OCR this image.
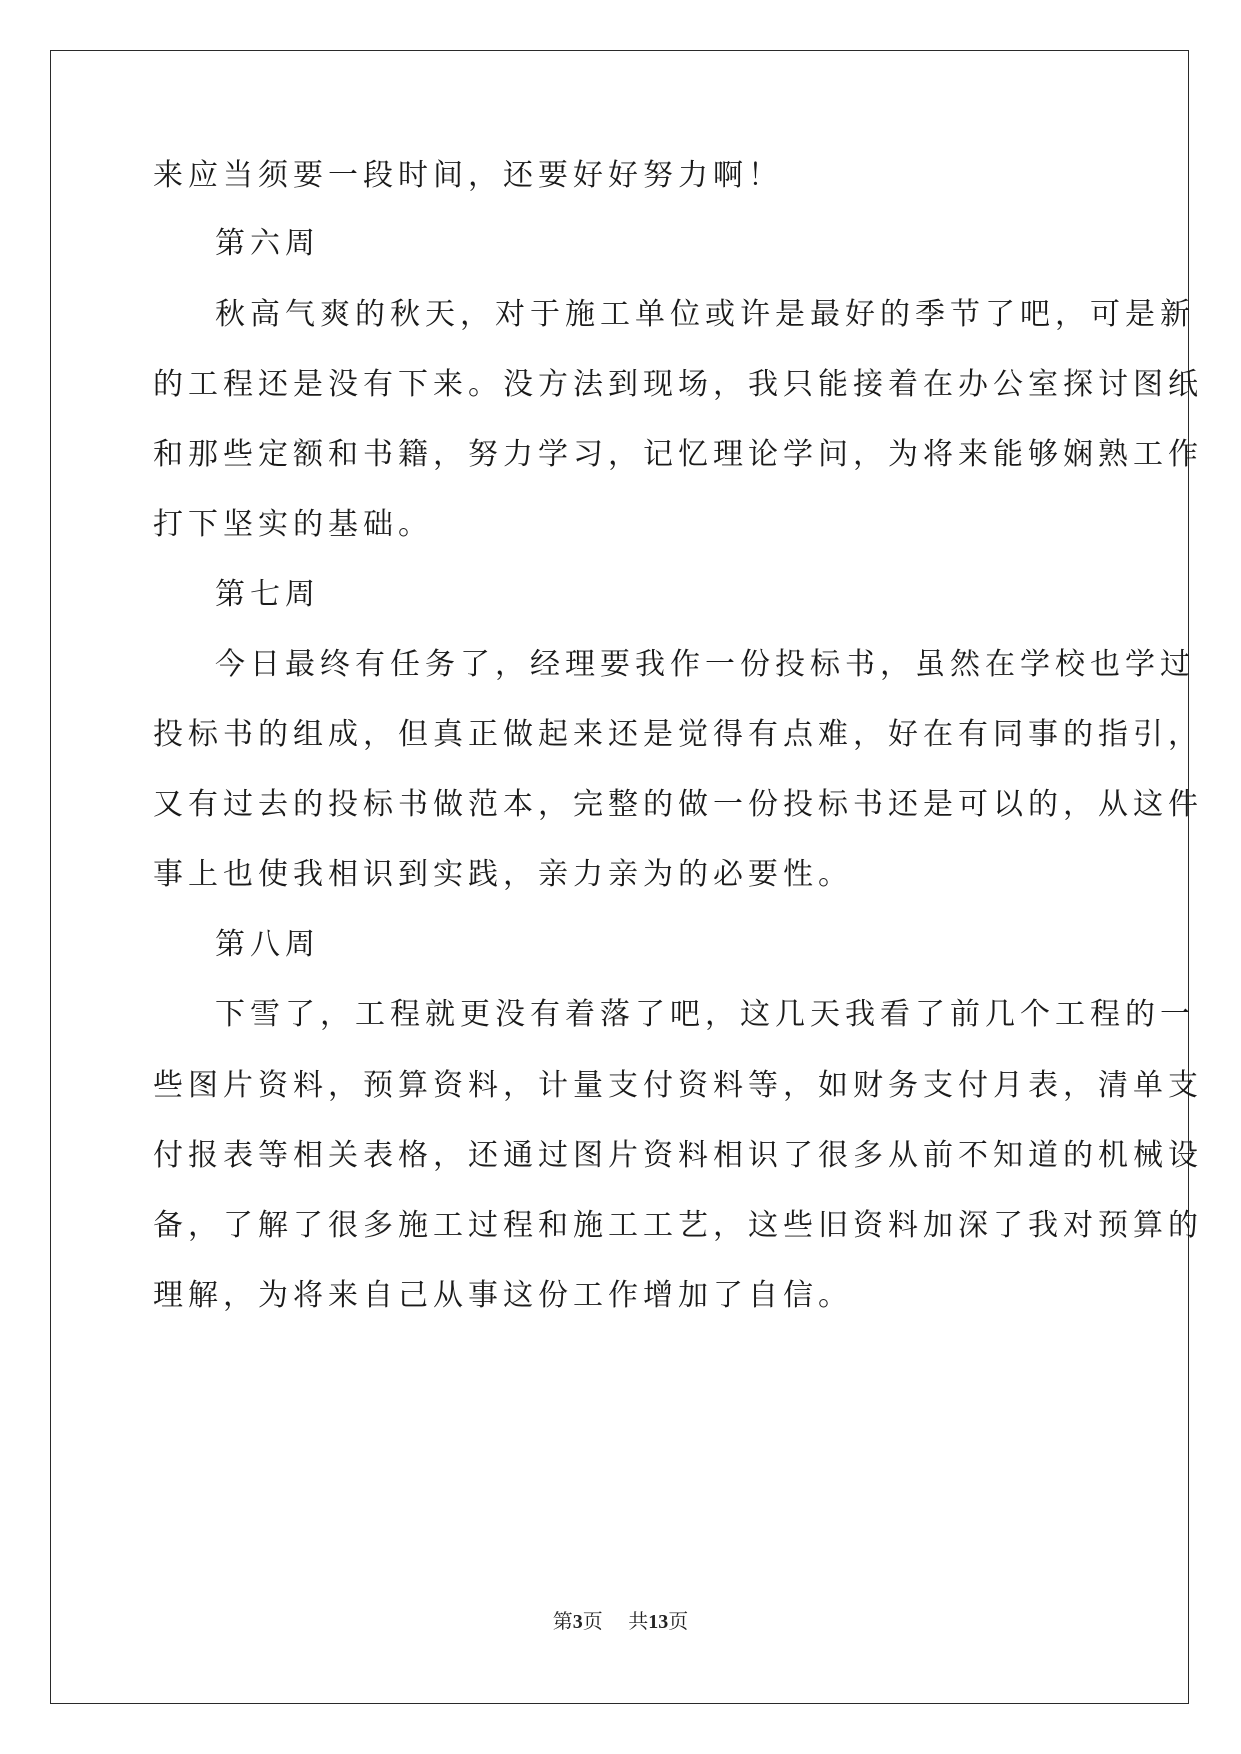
来应当须要一段时间，还要好好努力啊！
第六周
秋高气爽的秋天，对于施工单位或许是最好的季节了吧，可是新
的工程还是没有下来。没方法到现场，我只能接着在办公室探讨图纸
和那些定额和书籍，努力学习，记忆理论学问，为将来能够娴熟工作
打下坚实的基础。
第七周
今日最终有任务了，经理要我作一份投标书，虽然在学校也学过
投标书的组成，但真正做起来还是觉得有点难，好在有同事的指引，
又有过去的投标书做范本，完整的做一份投标书还是可以的，从这件
事上也使我相识到实践，亲力亲为的必要性。
第八周
下雪了，工程就更没有着落了吧，这几天我看了前几个工程的一
些图片资料，预算资料，计量支付资料等，如财务支付月表，清单支
付报表等相关表格，还通过图片资料相识了很多从前不知道的机械设
备，了解了很多施工过程和施工工艺，这些旧资料加深了我对预算的
理解，为将来自己从事这份工作增加了自信。
第3页 共13页
